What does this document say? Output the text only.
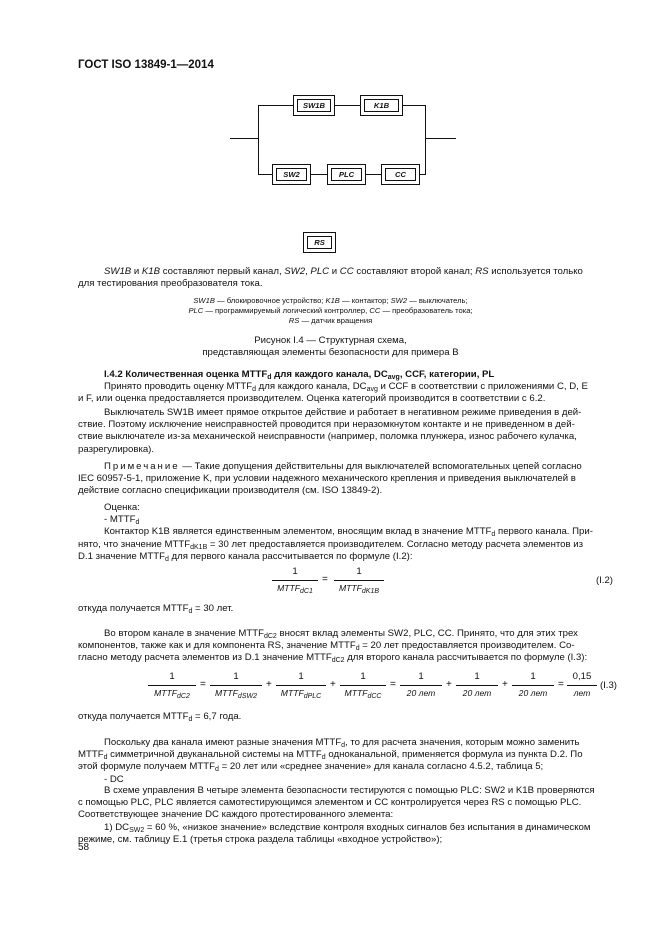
ГОСТ ISO 13849-1—2014
SW1B	K1B
SW2	PLC	CC
RS
SW1B и K1B составляют первый канал, SW2, PLC и CC составляют второй канал; RS используется только
для тестирования преобразователя тока.
SW1B — блокировочное устройство; K1B — контактор; SW2 — выключатель;
PLC — программируемый логический контроллер, CC — преобразователь тока;
RS — датчик вращения
Рисунок I.4 — Структурная схема,
представляющая элементы безопасности для примера В
I.4.2 Количественная оценка $MTTF_d$ для каждого канала, $DC_{avg}$, CCF, категории, PL
Принято проводить оценку $MTTF_d$ для каждого канала, $DC_{avg}$ и CCF в соответствии с приложениями C, D, E
и F, или оценка предоставляется производителем. Оценка категорий производится в соответствии с 6.2.
Выключатель SW1B имеет прямое открытое действие и работает в негативном режиме приведения в дей-
ствие. Поэтому исключение неисправностей проводится при неразомкнутом контакте и не приведенном в дей-
ствие выключателе из-за механической неисправности (например, поломка плунжера, износ рабочего кулачка,
разрегулировка).
Примечание — Такие допущения действительны для выключателей вспомогательных цепей согласно
IEC 60957-5-1, приложение K, при условии надежного механического крепления и приведения выключателей в
действие согласно спецификации производителя (см. ISO 13849-2).
Оценка:
- $MTTF_d$
Контактор K1B является единственным элементом, вносящим вклад в значение $MTTF_d$ первого канала. При-
нято, что значение $MTTF_{dK1B} = 30$ лет предоставляется производителем. Согласно методу расчета элементов из
D.1 значение $MTTF_d$ для первого канала рассчитывается по формуле (I.2):
1
$MTTF_{dC1}$
=
1
$MTTF_{dK1B}$
(I.2)
откуда получается $MTTF_d = 30$ лет.
Во втором канале в значение $MTTF_{dC2}$ вносят вклад элементы SW2, PLC, CC. Принято, что для этих трех
компонентов, также как и для компонента RS, значение $MTTF_d = 20$ лет предоставляется производителем. Со-
гласно методу расчета элементов из D.1 значение $MTTF_{dC2}$ для второго канала рассчитывается по формуле (I.3):
1
$MTTF_{dC2}$
=
1
$MTTF_{dSW2}$
+
1
$MTTF_{dPLC}$
+
1
$MTTF_{dCC}$
=
1
20 лет
+
1
20 лет
+
1
20 лет
=
0,15
лет
(I.3)
откуда получается $MTTF_d = 6,7$ года.
Поскольку два канала имеют разные значения $MTTF_d$, то для расчета значения, которым можно заменить
$MTTF_d$ симметричной двуканальной системы на $MTTF_d$ одноканальной, применяется формула из пункта D.2. По
этой формуле получаем $MTTF_d = 20$ лет или «среднее значение» для канала согласно 4.5.2, таблица 5;
- DC
В схеме управления В четыре элемента безопасности тестируются с помощью PLC: SW2 и K1B проверяются
с помощью PLC, PLC является самотестирующимся элементом и CC контролируется через RS с помощью PLC.
Соответствующее значение DC каждого протестированного элемента:
1) $DC_{SW2} = 60$ %, «низкое значение» вследствие контроля входных сигналов без испытания в динамическом
режиме, см. таблицу E.1 (третья строка раздела таблицы «входное устройство»);
58
